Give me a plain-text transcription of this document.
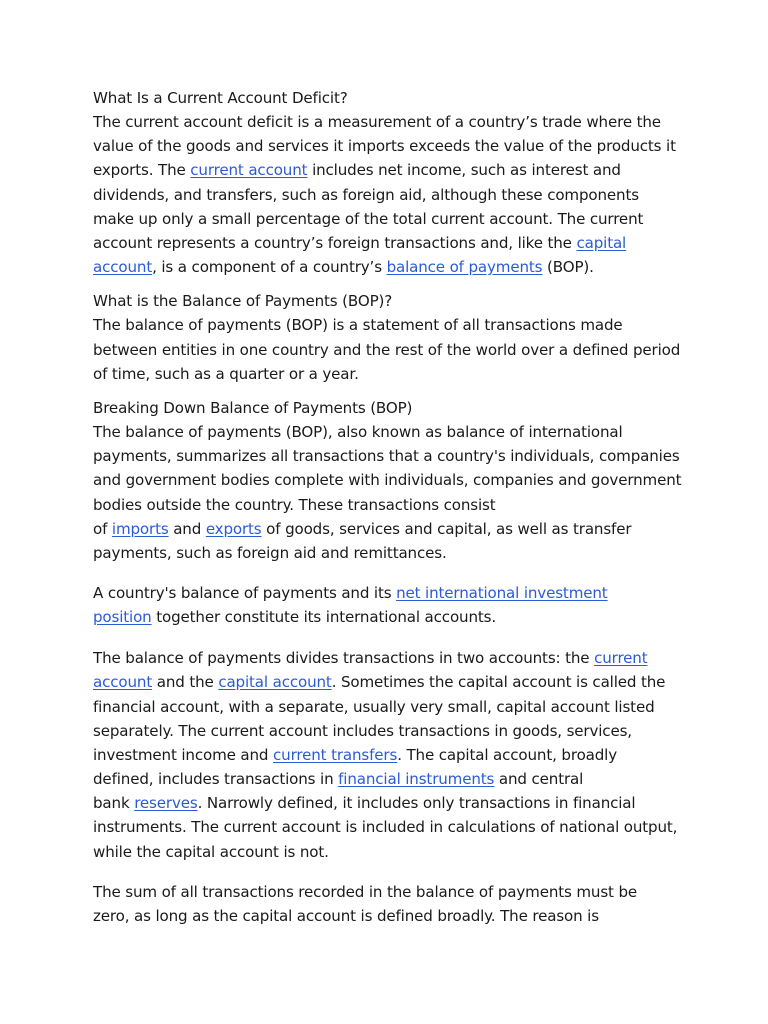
What Is a Current Account Deficit?
The current account deficit is a measurement of a country’s trade where the
value of the goods and services it imports exceeds the value of the products it
exports. The current account includes net income, such as interest and
dividends, and transfers, such as foreign aid, although these components
make up only a small percentage of the total current account. The current
account represents a country’s foreign transactions and, like the capital
account, is a component of a country’s balance of payments (BOP).
What is the Balance of Payments (BOP)?
The balance of payments (BOP) is a statement of all transactions made
between entities in one country and the rest of the world over a defined period
of time, such as a quarter or a year.
Breaking Down Balance of Payments (BOP)
The balance of payments (BOP), also known as balance of international
payments, summarizes all transactions that a country's individuals, companies
and government bodies complete with individuals, companies and government
bodies outside the country. These transactions consist
of imports and exports of goods, services and capital, as well as transfer
payments, such as foreign aid and remittances.
A country's balance of payments and its net international investment
position together constitute its international accounts.
The balance of payments divides transactions in two accounts: the current
account and the capital account. Sometimes the capital account is called the
financial account, with a separate, usually very small, capital account listed
separately. The current account includes transactions in goods, services,
investment income and current transfers. The capital account, broadly
defined, includes transactions in financial instruments and central
bank reserves. Narrowly defined, it includes only transactions in financial
instruments. The current account is included in calculations of national output,
while the capital account is not.
The sum of all transactions recorded in the balance of payments must be
zero, as long as the capital account is defined broadly. The reason is
